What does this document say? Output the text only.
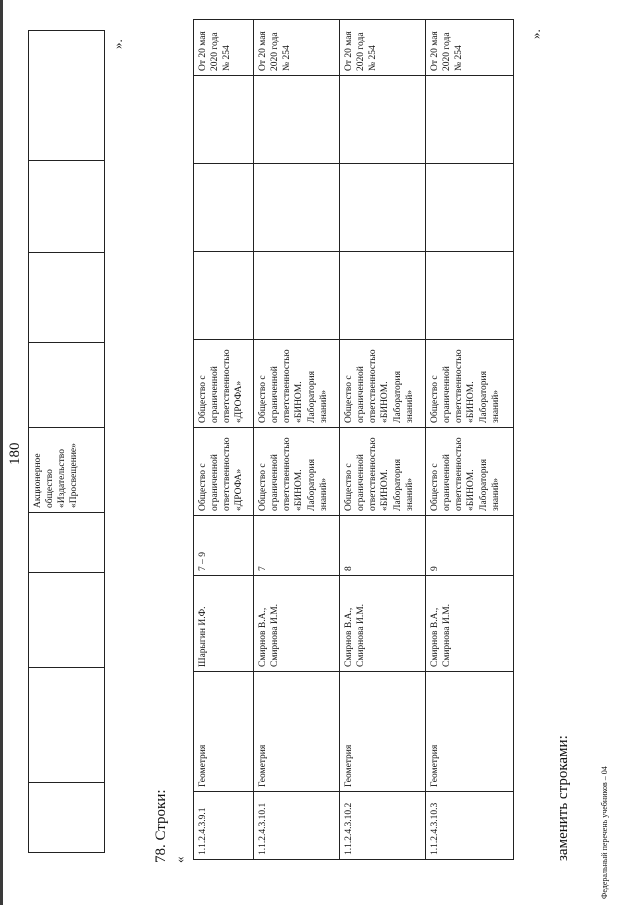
180
				Акционерное общество «Издательство «Просвещение»				
».
78. Строки: «
1.1.2.4.3.9.1	Геометрия	Шарыгин И.Ф.	7 – 9	Общество с ограниченной ответственностью «ДРОФА»	Общество с ограниченной ответственностью «ДРОФА»				От 20 мая 2020 года № 254
1.1.2.4.3.10.1	Геометрия	Смирнов В.А., Смирнова И.М.	7	Общество с ограниченной ответственностью «БИНОМ. Лаборатория знаний»	Общество с ограниченной ответственностью «БИНОМ. Лаборатория знаний»				От 20 мая 2020 года № 254
1.1.2.4.3.10.2	Геометрия	Смирнов В.А., Смирнова И.М.	8	Общество с ограниченной ответственностью «БИНОМ. Лаборатория знаний»	Общество с ограниченной ответственностью «БИНОМ. Лаборатория знаний»				От 20 мая 2020 года № 254
1.1.2.4.3.10.3	Геометрия	Смирнов В.А., Смирнова И.М.	9	Общество с ограниченной ответственностью «БИНОМ. Лаборатория знаний»	Общество с ограниченной ответственностью «БИНОМ. Лаборатория знаний»				От 20 мая 2020 года № 254
».
заменить строками:	Федеральный перечень учебников – 04
